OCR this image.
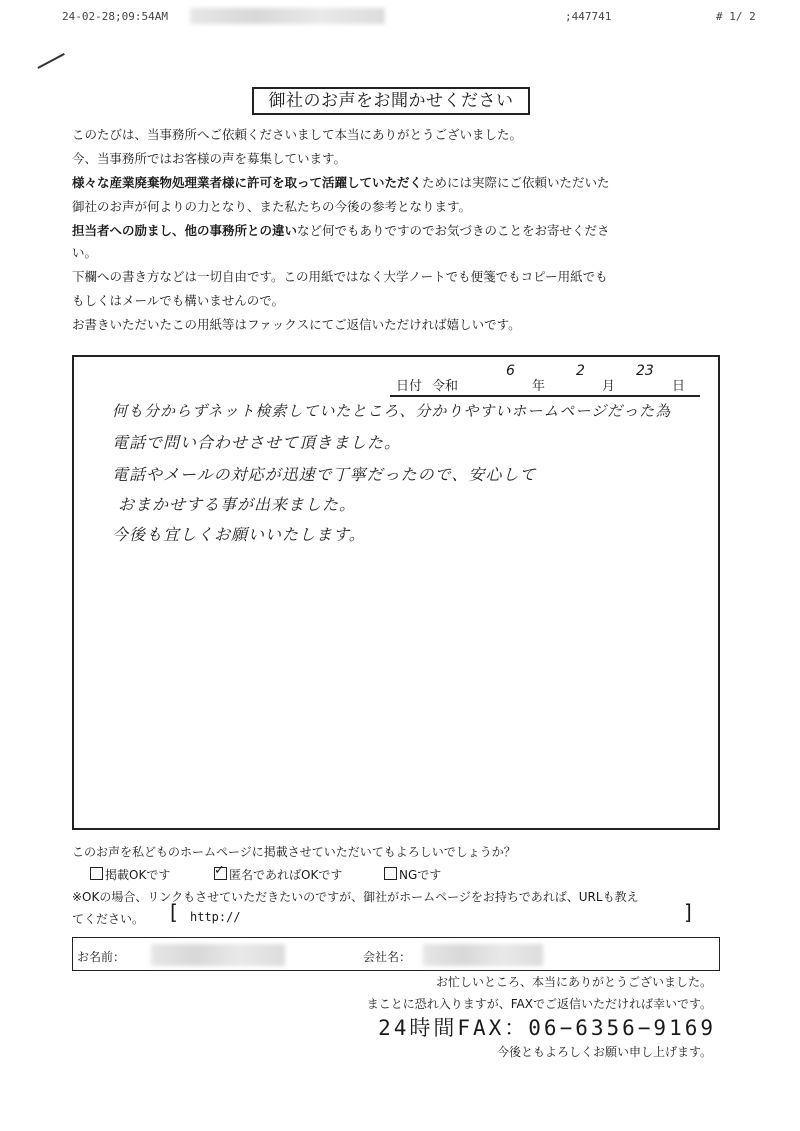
24-02-28;09:54AM	;447741	# 1/ 2
御社のお声をお聞かせください
このたびは、当事務所へご依頼くださいまして本当にありがとうございました。
今、当事務所ではお客様の声を募集しています。
様々な産業廃棄物処理業者様に許可を取って活躍していただくためには実際にご依頼いただいた
御社のお声が何よりの力となり、また私たちの今後の参考となります。
担当者への励まし、他の事務所との違いなど何でもありですのでお気づきのことをお寄せくださ
い。
下欄への書き方などは一切自由です。この用紙ではなく大学ノートでも便箋でもコピー用紙でも
もしくはメールでも構いませんので。
お書きいただいたこの用紙等はファックスにてご返信いただければ嬉しいです。
日付 令和
6
年
2
月
23
日
何も分からずネット検索していたところ、分かりやすいホームページだった為
電話で問い合わせさせて頂きました。
電話やメールの対応が迅速で丁寧だったので、安心して
おまかせする事が出来ました。
今後も宜しくお願いいたします。
このお声を私どものホームページに掲載させていただいてもよろしいでしょうか？
掲載OKです
✓	匿名であればOKです	NGです
※OKの場合、リンクもさせていただきたいのですが、御社がホームページをお持ちであれば、URLも教え
てください。 [ http://	]
お名前：	会社名：
お忙しいところ、本当にありがとうございました。
まことに恐れ入りますが、FAXでご返信いただければ幸いです。
24時間FAX：06−6356−9169
今後ともよろしくお願い申し上げます。
